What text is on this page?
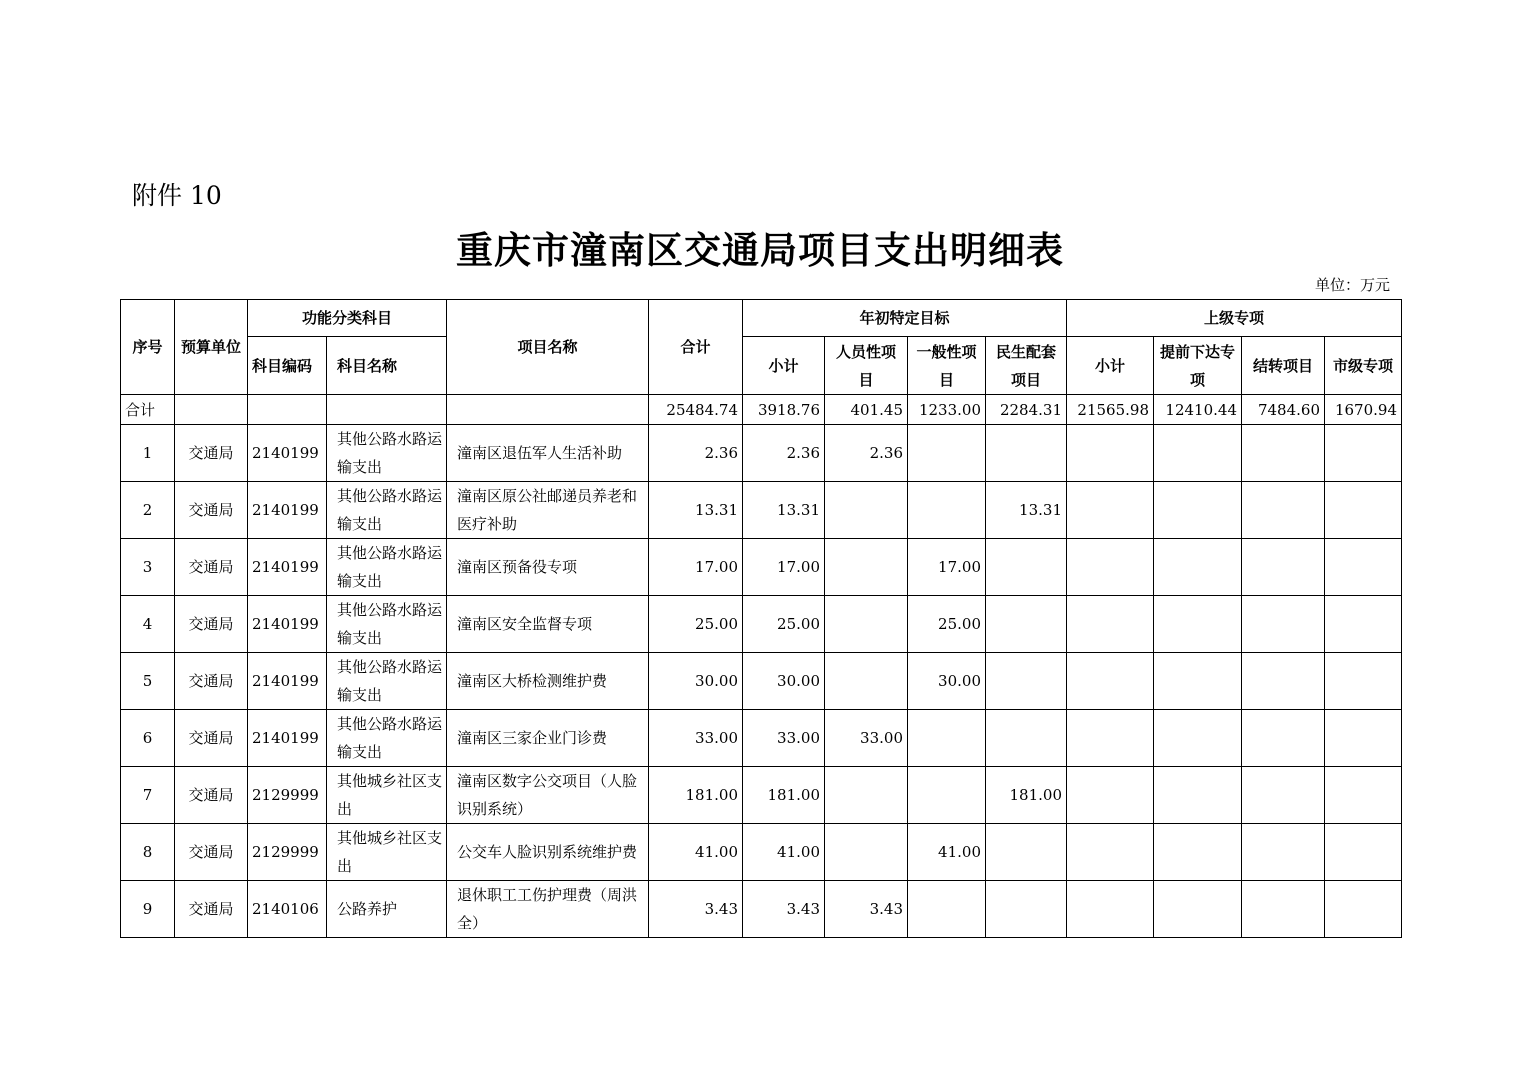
附件 10
重庆市潼南区交通局项目支出明细表
单位：万元
序号	预算单位	功能分类科目		项目名称	合计	年初特定目标				上级专项			
		科目编码	科目名称			小计	人员性项目	一般性项目	民生配套项目	小计	提前下达专项	结转项目	市级专项
合计					25484.74	3918.76	401.45	1233.00	2284.31	21565.98	12410.44	7484.60	1670.94
1	交通局	2140199	其他公路水路运输支出	潼南区退伍军人生活补助	2.36	2.36	2.36						
2	交通局	2140199	其他公路水路运输支出	潼南区原公社邮递员养老和医疗补助	13.31	13.31			13.31				
3	交通局	2140199	其他公路水路运输支出	潼南区预备役专项	17.00	17.00		17.00					
4	交通局	2140199	其他公路水路运输支出	潼南区安全监督专项	25.00	25.00		25.00					
5	交通局	2140199	其他公路水路运输支出	潼南区大桥检测维护费	30.00	30.00		30.00					
6	交通局	2140199	其他公路水路运输支出	潼南区三家企业门诊费	33.00	33.00	33.00						
7	交通局	2129999	其他城乡社区支出	潼南区数字公交项目（人脸识别系统）	181.00	181.00			181.00				
8	交通局	2129999	其他城乡社区支出	公交车人脸识别系统维护费	41.00	41.00		41.00					
9	交通局	2140106	公路养护	退休职工工伤护理费（周洪全）	3.43	3.43	3.43						
